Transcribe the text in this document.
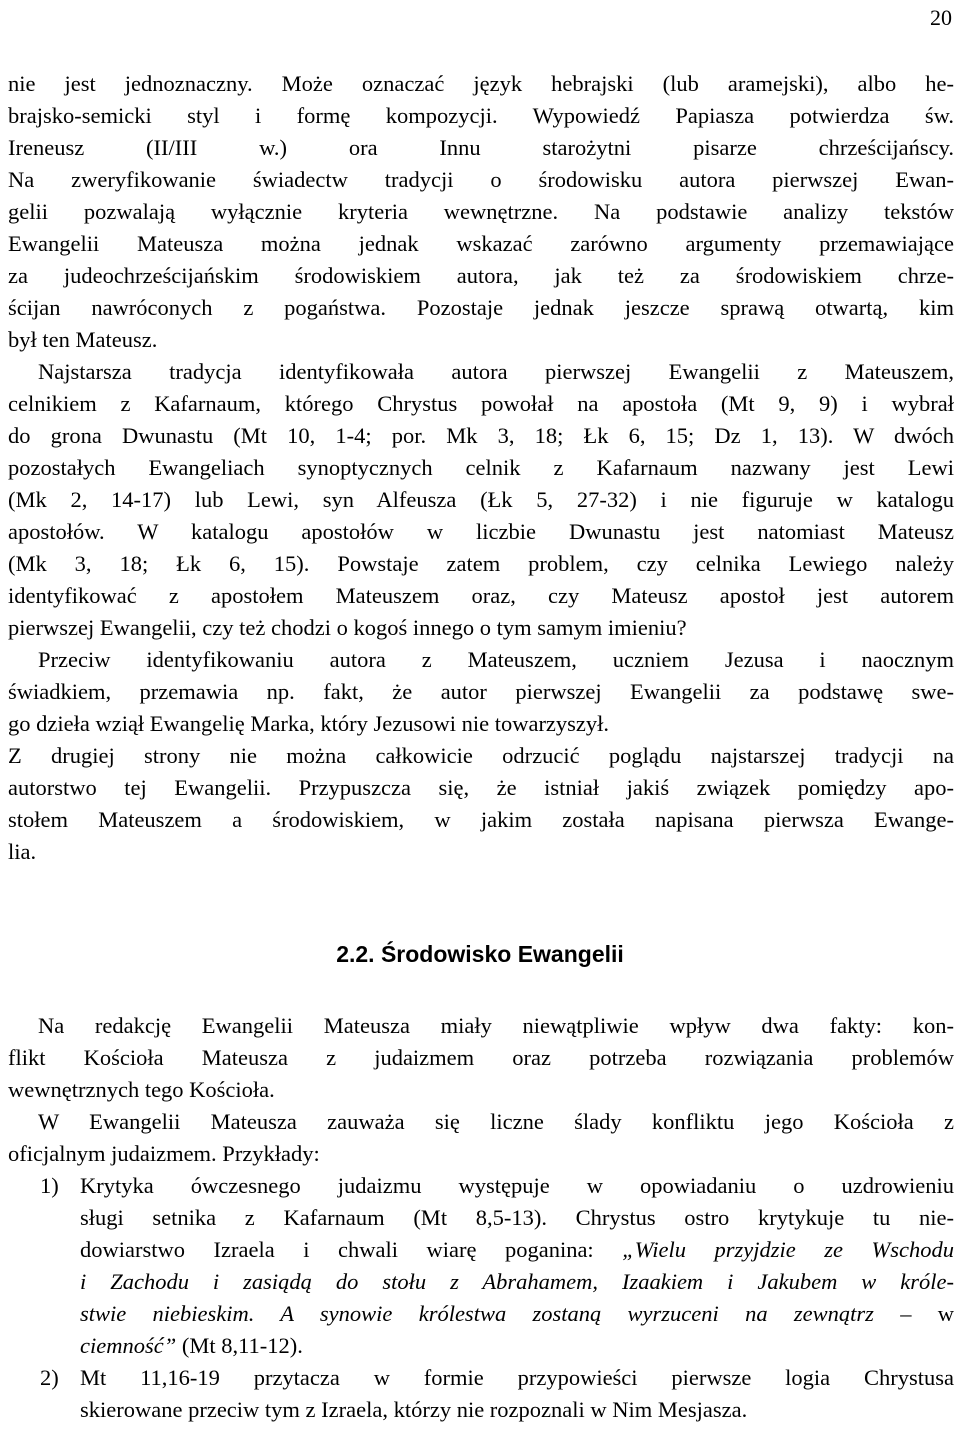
20
nie jest jednoznaczny. Może oznaczać język hebrajski (lub aramejski), albo he-
brajsko-semicki styl i formę kompozycji. Wypowiedź Papiasza potwierdza św.
Ireneusz (II/III w.) ora Innu starożytni pisarze chrześcijańscy.
Na zweryfikowanie świadectw tradycji o środowisku autora pierwszej Ewan-
gelii pozwalają wyłącznie kryteria wewnętrzne. Na podstawie analizy tekstów
Ewangelii Mateusza można jednak wskazać zarówno argumenty przemawiające
za judeochrześcijańskim środowiskiem autora, jak też za środowiskiem chrze-
ścijan nawróconych z pogaństwa. Pozostaje jednak jeszcze sprawą otwartą, kim
był ten Mateusz.
Najstarsza tradycja identyfikowała autora pierwszej Ewangelii z Mateuszem,
celnikiem z Kafarnaum, którego Chrystus powołał na apostoła (Mt 9, 9) i wybrał
do grona Dwunastu (Mt 10, 1-4; por. Mk 3, 18; Łk 6, 15; Dz 1, 13). W dwóch
pozostałych Ewangeliach synoptycznych celnik z Kafarnaum nazwany jest Lewi
(Mk 2, 14-17) lub Lewi, syn Alfeusza (Łk 5, 27-32) i nie figuruje w katalogu
apostołów. W katalogu apostołów w liczbie Dwunastu jest natomiast Mateusz
(Mk 3, 18; Łk 6, 15). Powstaje zatem problem, czy celnika Lewiego należy
identyfikować z apostołem Mateuszem oraz, czy Mateusz apostoł jest autorem
pierwszej Ewangelii, czy też chodzi o kogoś innego o tym samym imieniu?
Przeciw identyfikowaniu autora z Mateuszem, uczniem Jezusa i naocznym
świadkiem, przemawia np. fakt, że autor pierwszej Ewangelii za podstawę swe-
go dzieła wziął Ewangelię Marka, który Jezusowi nie towarzyszył.
Z drugiej strony nie można całkowicie odrzucić poglądu najstarszej tradycji na
autorstwo tej Ewangelii. Przypuszcza się, że istniał jakiś związek pomiędzy apo-
stołem Mateuszem a środowiskiem, w jakim została napisana pierwsza Ewange-
lia.
2.2. Środowisko Ewangelii
Na redakcję Ewangelii Mateusza miały niewątpliwie wpływ dwa fakty: kon-
flikt Kościoła Mateusza z judaizmem oraz potrzeba rozwiązania problemów
wewnętrznych tego Kościoła.
W Ewangelii Mateusza zauważa się liczne ślady konfliktu jego Kościoła z
oficjalnym judaizmem. Przykłady:
1) Krytyka ówczesnego judaizmu występuje w opowiadaniu o uzdrowieniu
sługi setnika z Kafarnaum (Mt 8,5-13). Chrystus ostro krytykuje tu nie-
dowiarstwo Izraela i chwali wiarę poganina: „Wielu przyjdzie ze Wschodu
i Zachodu i zasiądą do stołu z Abrahamem, Izaakiem i Jakubem w króle-
stwie niebieskim. A synowie królestwa zostaną wyrzuceni na zewnątrz – w
ciemność” (Mt 8,11-12).
2) Mt 11,16-19 przytacza w formie przypowieści pierwsze logia Chrystusa
skierowane przeciw tym z Izraela, którzy nie rozpoznali w Nim Mesjasza.
